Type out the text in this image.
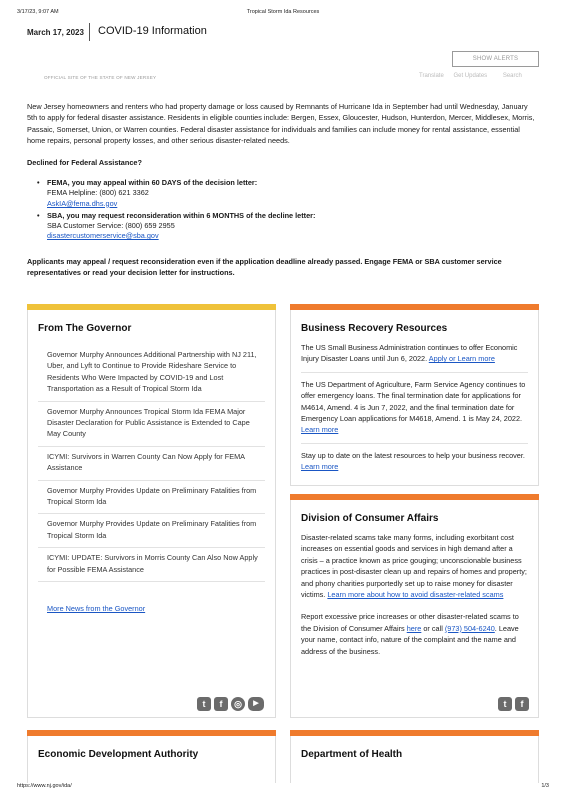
3/17/23, 9:07 AM	Tropical Storm Ida Resources
March 17, 2023 COVID-19 Information
SHOW ALERTS
OFFICIAL SITE OF THE STATE OF NEW JERSEY	Translate Get Updates	Search

New Jersey homeowners and renters who had property damage or loss caused by Remnants of Hurricane Ida in September had until Wednesday, January 5th to apply for federal disaster assistance. Residents in eligible counties include: Bergen, Essex, Gloucester, Hudson, Hunterdon, Mercer, Middlesex, Morris, Passaic, Somerset, Union, or Warren counties. Federal disaster assistance for individuals and families can include money for rental assistance, essential home repairs, personal property losses, and other serious disaster-related needs.

Declined for Federal Assistance?
• FEMA, you may appeal within 60 DAYS of the decision letter:
FEMA Helpline: (800) 621 3362
AskIA@fema.dhs.gov
• SBA, you may request reconsideration within 6 MONTHS of the decline letter:
SBA Customer Service: (800) 659 2955
disastercustomerservice@sba.gov

Applicants may appeal / request reconsideration even if the application deadline already passed. Engage FEMA or SBA customer service representatives or read your decision letter for instructions.

From The Governor
Governor Murphy Announces Additional Partnership with NJ 211, Uber, and Lyft to Continue to Provide Rideshare Service to Residents Who Were Impacted by COVID-19 and Lost Transportation as a Result of Tropical Storm Ida
Governor Murphy Announces Tropical Storm Ida FEMA Major Disaster Declaration for Public Assistance is Extended to Cape May County
ICYMI: Survivors in Warren County Can Now Apply for FEMA Assistance
Governor Murphy Provides Update on Preliminary Fatalities from Tropical Storm Ida
Governor Murphy Provides Update on Preliminary Fatalities from Tropical Storm Ida
ICYMI: UPDATE: Survivors in Morris County Can Also Now Apply for Possible FEMA Assistance
More News from the Governor
t	f	◎	▶
Business Recovery Resources

The US Small Business Administration continues to offer Economic Injury Disaster Loans until Jun 6, 2022. Apply or Learn more

The US Department of Agriculture, Farm Service Agency continues to offer emergency loans. The final termination date for applications for M4614, Amend. 4 is Jun 7, 2022, and the final termination date for Emergency Loan applications for M4618, Amend. 1 is May 24, 2022. Learn more

Stay up to date on the latest resources to help your business recover. Learn more

Division of Consumer Affairs

Disaster-related scams take many forms, including exorbitant cost increases on essential goods and services in high demand after a crisis – a practice known as price gouging; unconscionable business practices in post-disaster clean up and repairs of homes and property; and phony charities purportedly set up to raise money for disaster victims. Learn more about how to avoid disaster-related scams

Report excessive price increases or other disaster-related scams to the Division of Consumer Affairs here or call (973) 504-6240. Leave your name, contact info, nature of the complaint and the name and address of the business.

t	f
Economic Development Authority	Department of Health
https://www.nj.gov/ida/	1/3
